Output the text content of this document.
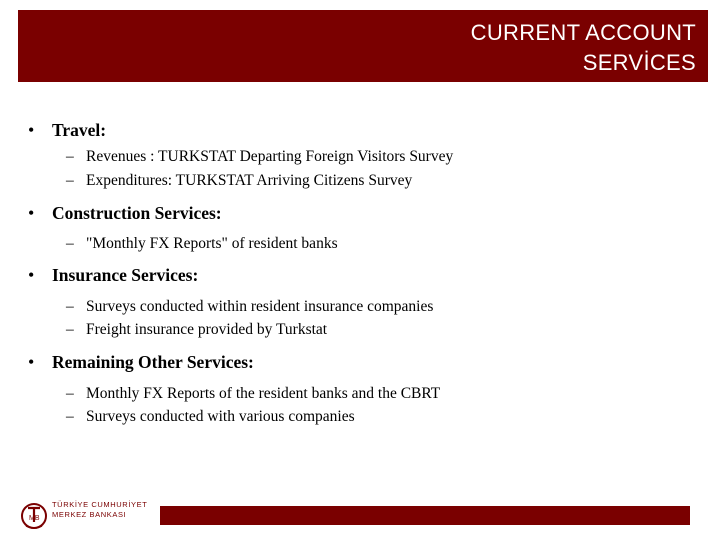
CURRENT ACCOUNT
SERVİCES
• Travel:
– Revenues : TURKSTAT Departing Foreign Visitors Survey
– Expenditures: TURKSTAT Arriving Citizens Survey
• Construction Services:
– "Monthly FX Reports" of resident banks
• Insurance Services:
– Surveys conducted within resident insurance companies
– Freight insurance provided by Turkstat
• Remaining Other Services:
– Monthly FX Reports of the resident banks and the CBRT
– Surveys conducted with various companies
MB
TÜRKİYE CUMHURİYET
MERKEZ BANKASI
